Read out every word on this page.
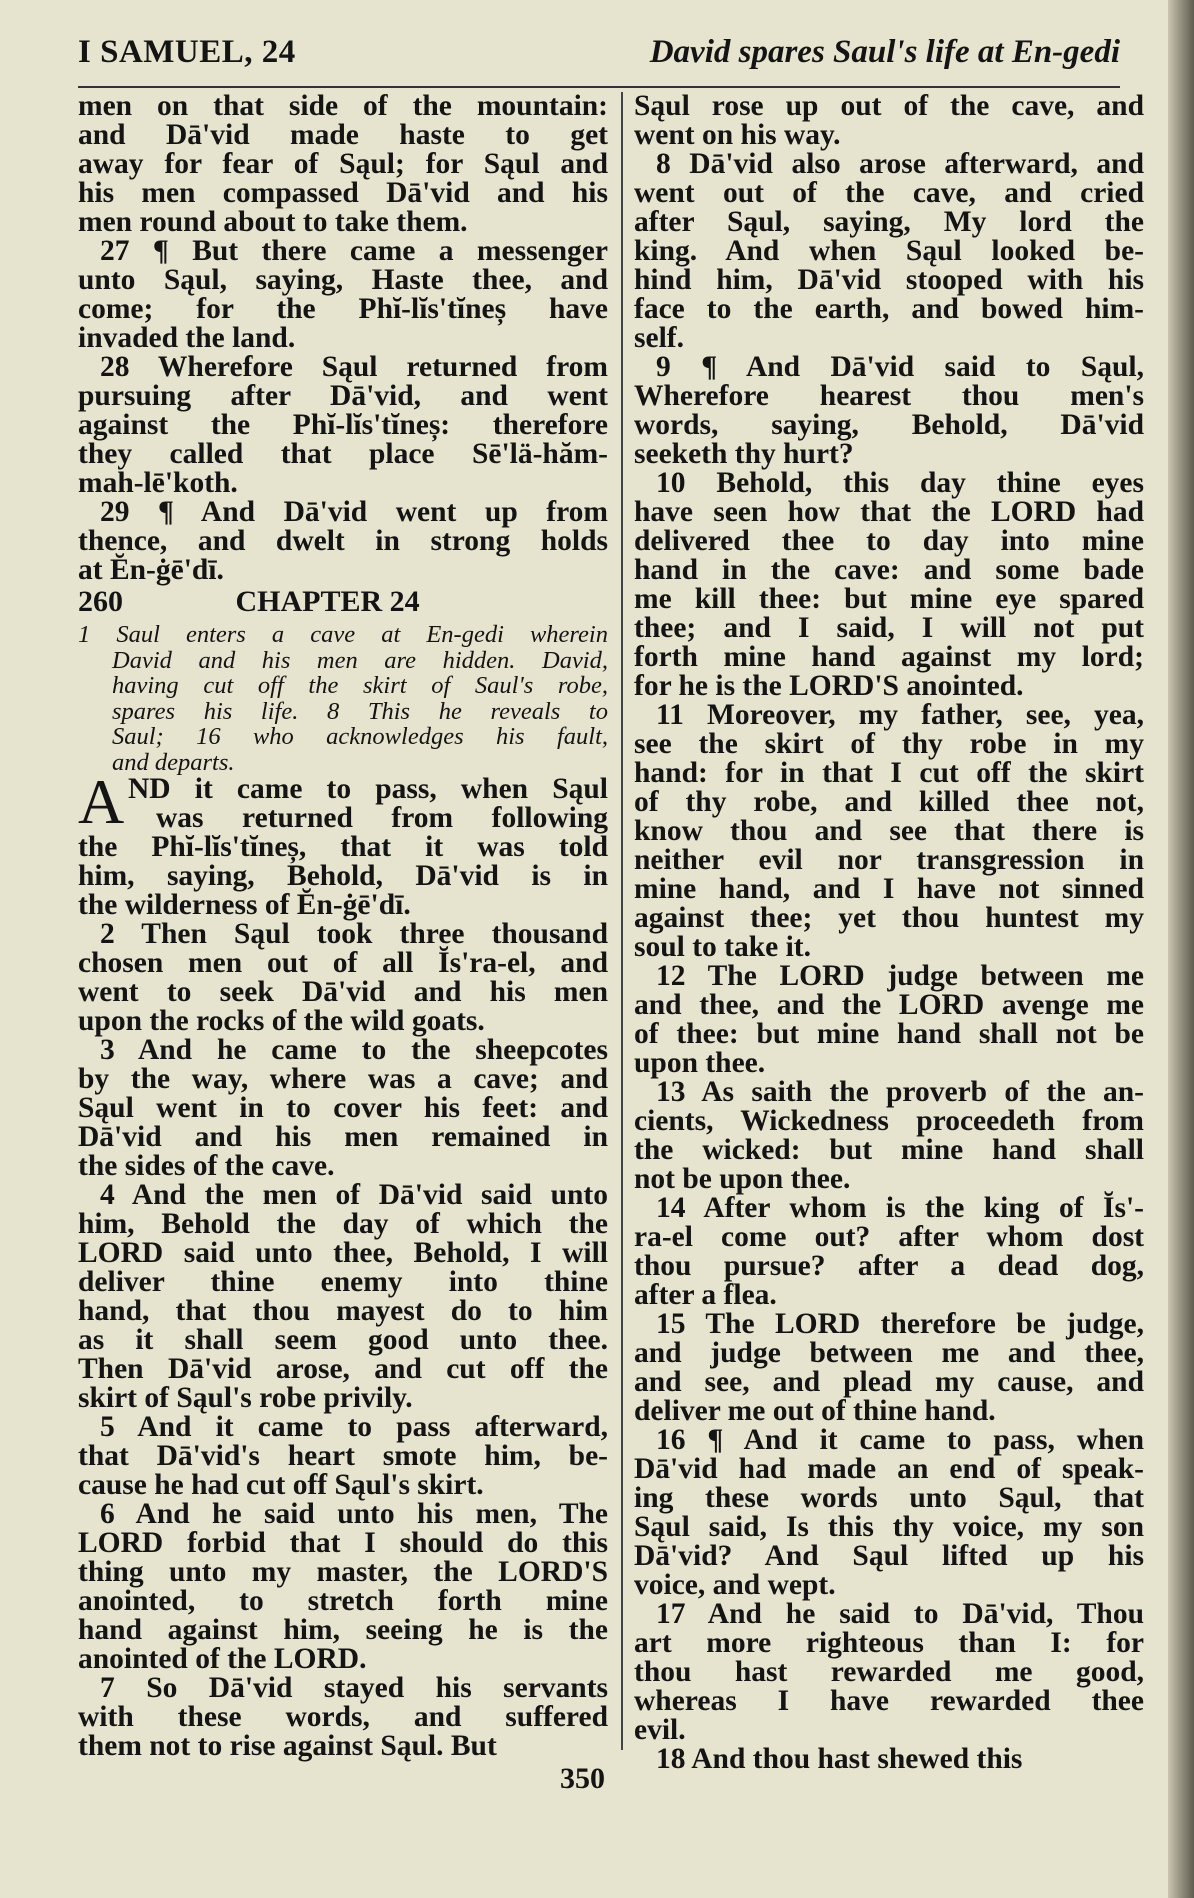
I SAMUEL, 24	David spares Saul's life at En-gedi
men on that side of the mountain:
and Dā'vid made haste to get
away for fear of Sąul; for Sąul and
his men compassed Dā'vid and his
men round about to take them.
27 ¶ But there came a messenger
unto Sąul, saying, Haste thee, and
come; for the Phĭ-lĭs'tĭneș have
invaded the land.
28 Wherefore Sąul returned from
pursuing after Dā'vid, and went
against the Phĭ-lĭs'tĭneș: therefore
they called that place Sē'lä-hăm-
mah-lē'koth.
29 ¶ And Dā'vid went up from
thence, and dwelt in strong holds
at Ĕn-ġē'dī.
260	CHAPTER 24
1 Saul enters a cave at En-gedi wherein
David and his men are hidden. David,
having cut off the skirt of Saul's robe,
spares his life. 8 This he reveals to
Saul; 16 who acknowledges his fault,
and departs.
A ND it came to pass, when Sąul
was returned from following
the Phĭ-lĭs'tĭneș, that it was told
him, saying, Behold, Dā'vid is in
the wilderness of Ĕn-ġē'dī.
2 Then Sąul took three thousand
chosen men out of all Ĭs'ra-el, and
went to seek Dā'vid and his men
upon the rocks of the wild goats.
3 And he came to the sheepcotes
by the way, where was a cave; and
Sąul went in to cover his feet: and
Dā'vid and his men remained in
the sides of the cave.
4 And the men of Dā'vid said unto
him, Behold the day of which the
LORD said unto thee, Behold, I will
deliver thine enemy into thine
hand, that thou mayest do to him
as it shall seem good unto thee.
Then Dā'vid arose, and cut off the
skirt of Sąul's robe privily.
5 And it came to pass afterward,
that Dā'vid's heart smote him, be-
cause he had cut off Sąul's skirt.
6 And he said unto his men, The
LORD forbid that I should do this
thing unto my master, the LORD'S
anointed, to stretch forth mine
hand against him, seeing he is the
anointed of the LORD.
7 So Dā'vid stayed his servants
with these words, and suffered
them not to rise against Sąul. But
Sąul rose up out of the cave, and
went on his way.
8 Dā'vid also arose afterward, and
went out of the cave, and cried
after Sąul, saying, My lord the
king. And when Sąul looked be-
hind him, Dā'vid stooped with his
face to the earth, and bowed him-
self.
9 ¶ And Dā'vid said to Sąul,
Wherefore hearest thou men's
words, saying, Behold, Dā'vid
seeketh thy hurt?
10 Behold, this day thine eyes
have seen how that the LORD had
delivered thee to day into mine
hand in the cave: and some bade
me kill thee: but mine eye spared
thee; and I said, I will not put
forth mine hand against my lord;
for he is the LORD'S anointed.
11 Moreover, my father, see, yea,
see the skirt of thy robe in my
hand: for in that I cut off the skirt
of thy robe, and killed thee not,
know thou and see that there is
neither evil nor transgression in
mine hand, and I have not sinned
against thee; yet thou huntest my
soul to take it.
12 The LORD judge between me
and thee, and the LORD avenge me
of thee: but mine hand shall not be
upon thee.
13 As saith the proverb of the an-
cients, Wickedness proceedeth from
the wicked: but mine hand shall
not be upon thee.
14 After whom is the king of Ĭs'-
ra-el come out? after whom dost
thou pursue? after a dead dog,
after a flea.
15 The LORD therefore be judge,
and judge between me and thee,
and see, and plead my cause, and
deliver me out of thine hand.
16 ¶ And it came to pass, when
Dā'vid had made an end of speak-
ing these words unto Sąul, that
Sąul said, Is this thy voice, my son
Dā'vid? And Sąul lifted up his
voice, and wept.
17 And he said to Dā'vid, Thou
art more righteous than I: for
thou hast rewarded me good,
whereas I have rewarded thee
evil.
18 And thou hast shewed this
350
